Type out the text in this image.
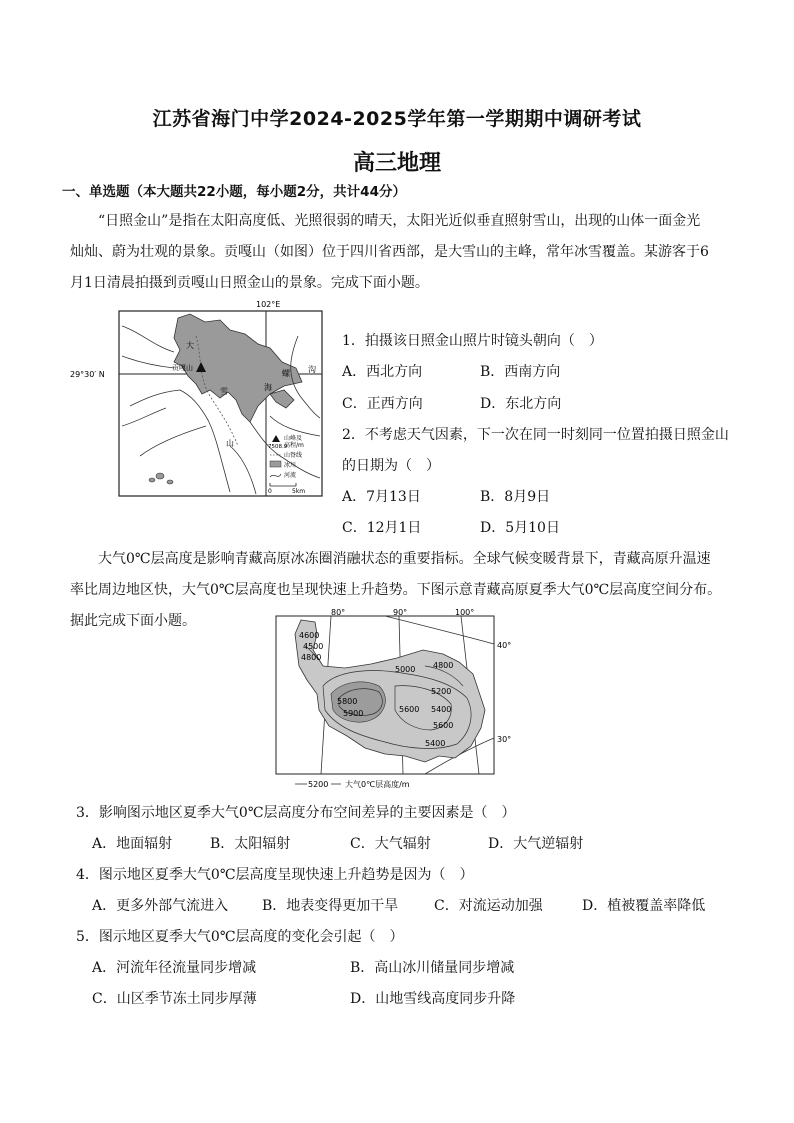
江苏省海门中学2024-2025学年第一学期期中调研考试
高三地理
一、单选题（本大题共22小题，每小题2分，共计44分）
“日照金山”是指在太阳高度低、光照很弱的晴天，太阳光近似垂直照射雪山，出现的山体一面金光
灿灿、蔚为壮观的景象。贡嘎山（如图）位于四川省西部，是大雪山的主峰，常年冰雪覆盖。某游客于6
月1日清晨拍摄到贡嘎山日照金山的景象。完成下面小题。
102°E
29°30′ N
贡嘎山
大
雪	海
螺 沟
山
山峰及
高程/m
7508.9
山脊线
冰川
河流
0	5km
1．拍摄该日照金山照片时镜头朝向（　）
A．西北方向	B．西南方向
C．正西方向	D．东北方向
2．不考虑天气因素，下一次在同一时刻同一位置拍摄日照金山
的日期为（　）
A．7月13日	B．8月9日
C．12月1日	D．5月10日
大气0℃层高度是影响青藏高原冰冻圈消融状态的重要指标。全球气候变暖背景下，青藏高原升温速
率比周边地区快，大气0℃层高度也呈现快速上升趋势。下图示意青藏高原夏季大气0℃层高度空间分布。
据此完成下面小题。
80°	90°	100°
40°
30°
4600
4500
4800
5000 4800
5200
5800
5900	5600 5400
5600
5400
5200 大气0℃层高度/m
3．影响图示地区夏季大气0℃层高度分布空间差异的主要因素是（　）
A．地面辐射	B．太阳辐射	C．大气辐射	D．大气逆辐射
4．图示地区夏季大气0℃层高度呈现快速上升趋势是因为（　）
A．更多外部气流进入 B．地表变得更加干旱	C．对流运动加强	D．植被覆盖率降低
5．图示地区夏季大气0℃层高度的变化会引起（　）
A．河流年径流量同步增减	B．高山冰川储量同步增减
C．山区季节冻土同步厚薄	D．山地雪线高度同步升降
